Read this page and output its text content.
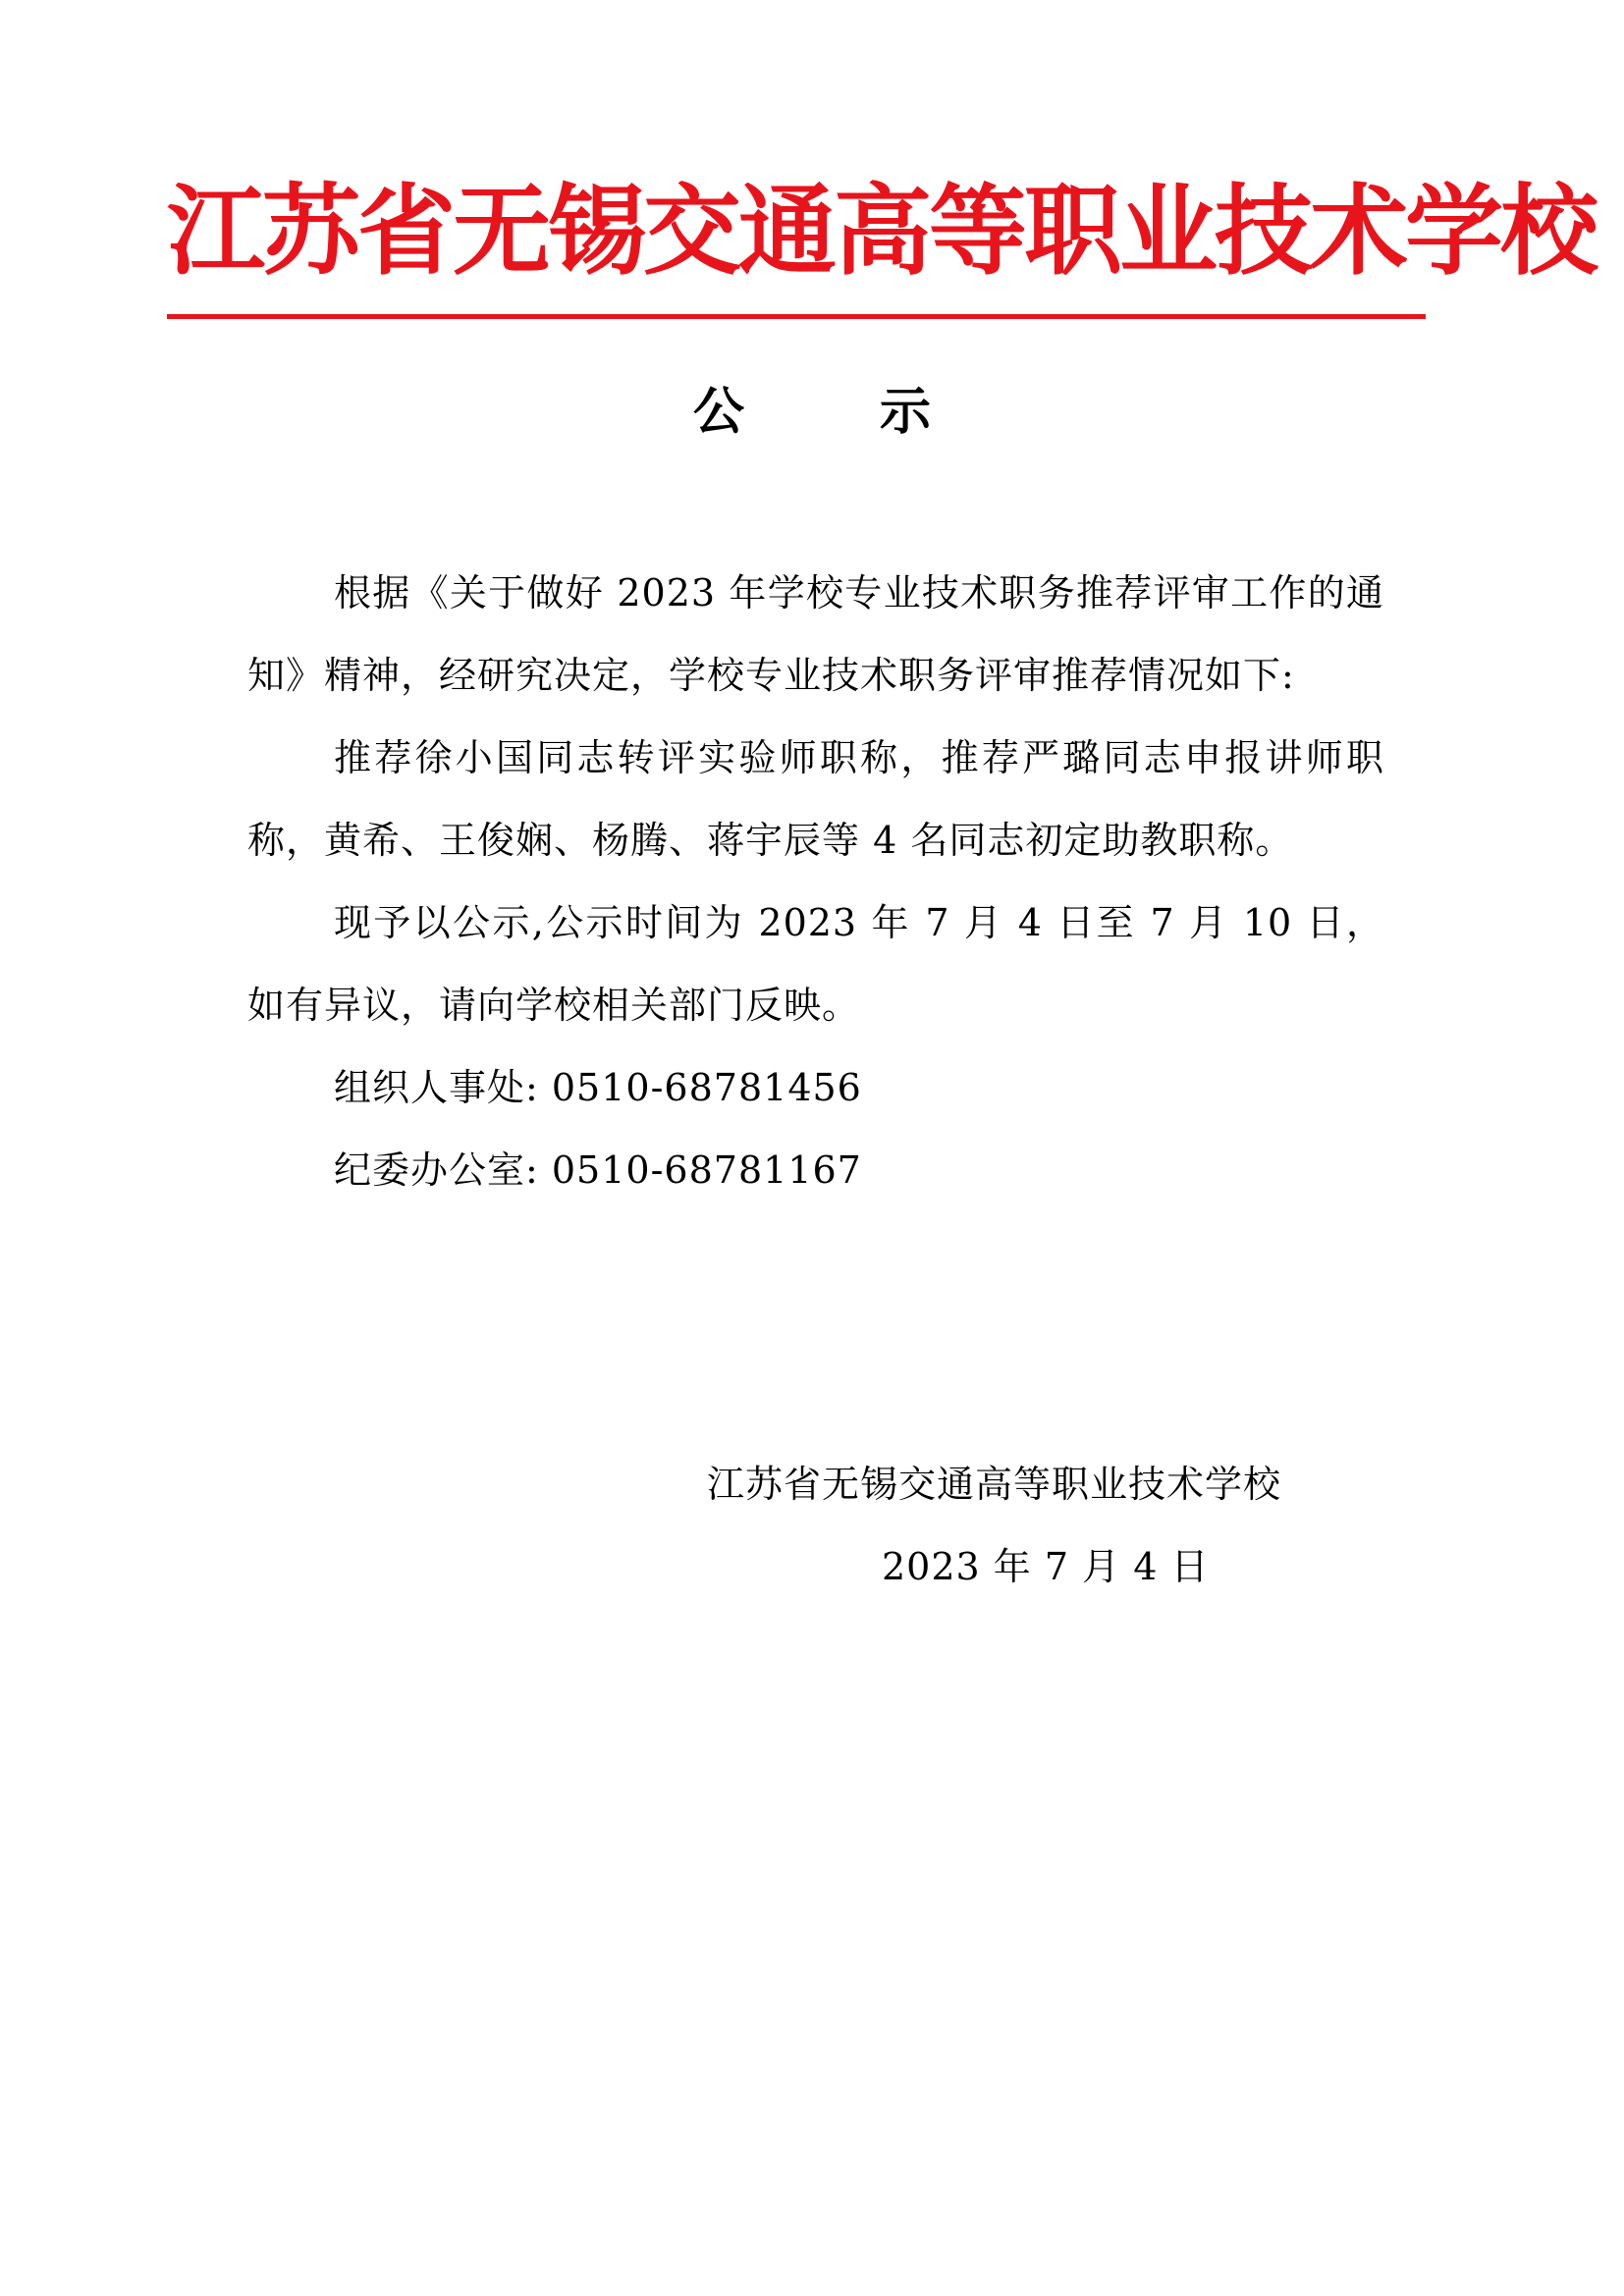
江苏省无锡交通高等职业技术学校
公 示

根据《关于做好 2023 年学校专业技术职务推荐评审工作的通知》精神，经研究决定，学校专业技术职务评审推荐情况如下:

推荐徐小国同志转评实验师职称，推荐严璐同志申报讲师职称，黄希、王俊娴、杨腾、蒋宇辰等 4 名同志初定助教职称。

现予以公示,公示时间为 2023 年 7 月 4 日至 7 月 10 日，如有异议，请向学校相关部门反映。

组织人事处: 0510-68781456

纪委办公室: 0510-68781167

江苏省无锡交通高等职业技术学校

2023 年 7 月 4 日
